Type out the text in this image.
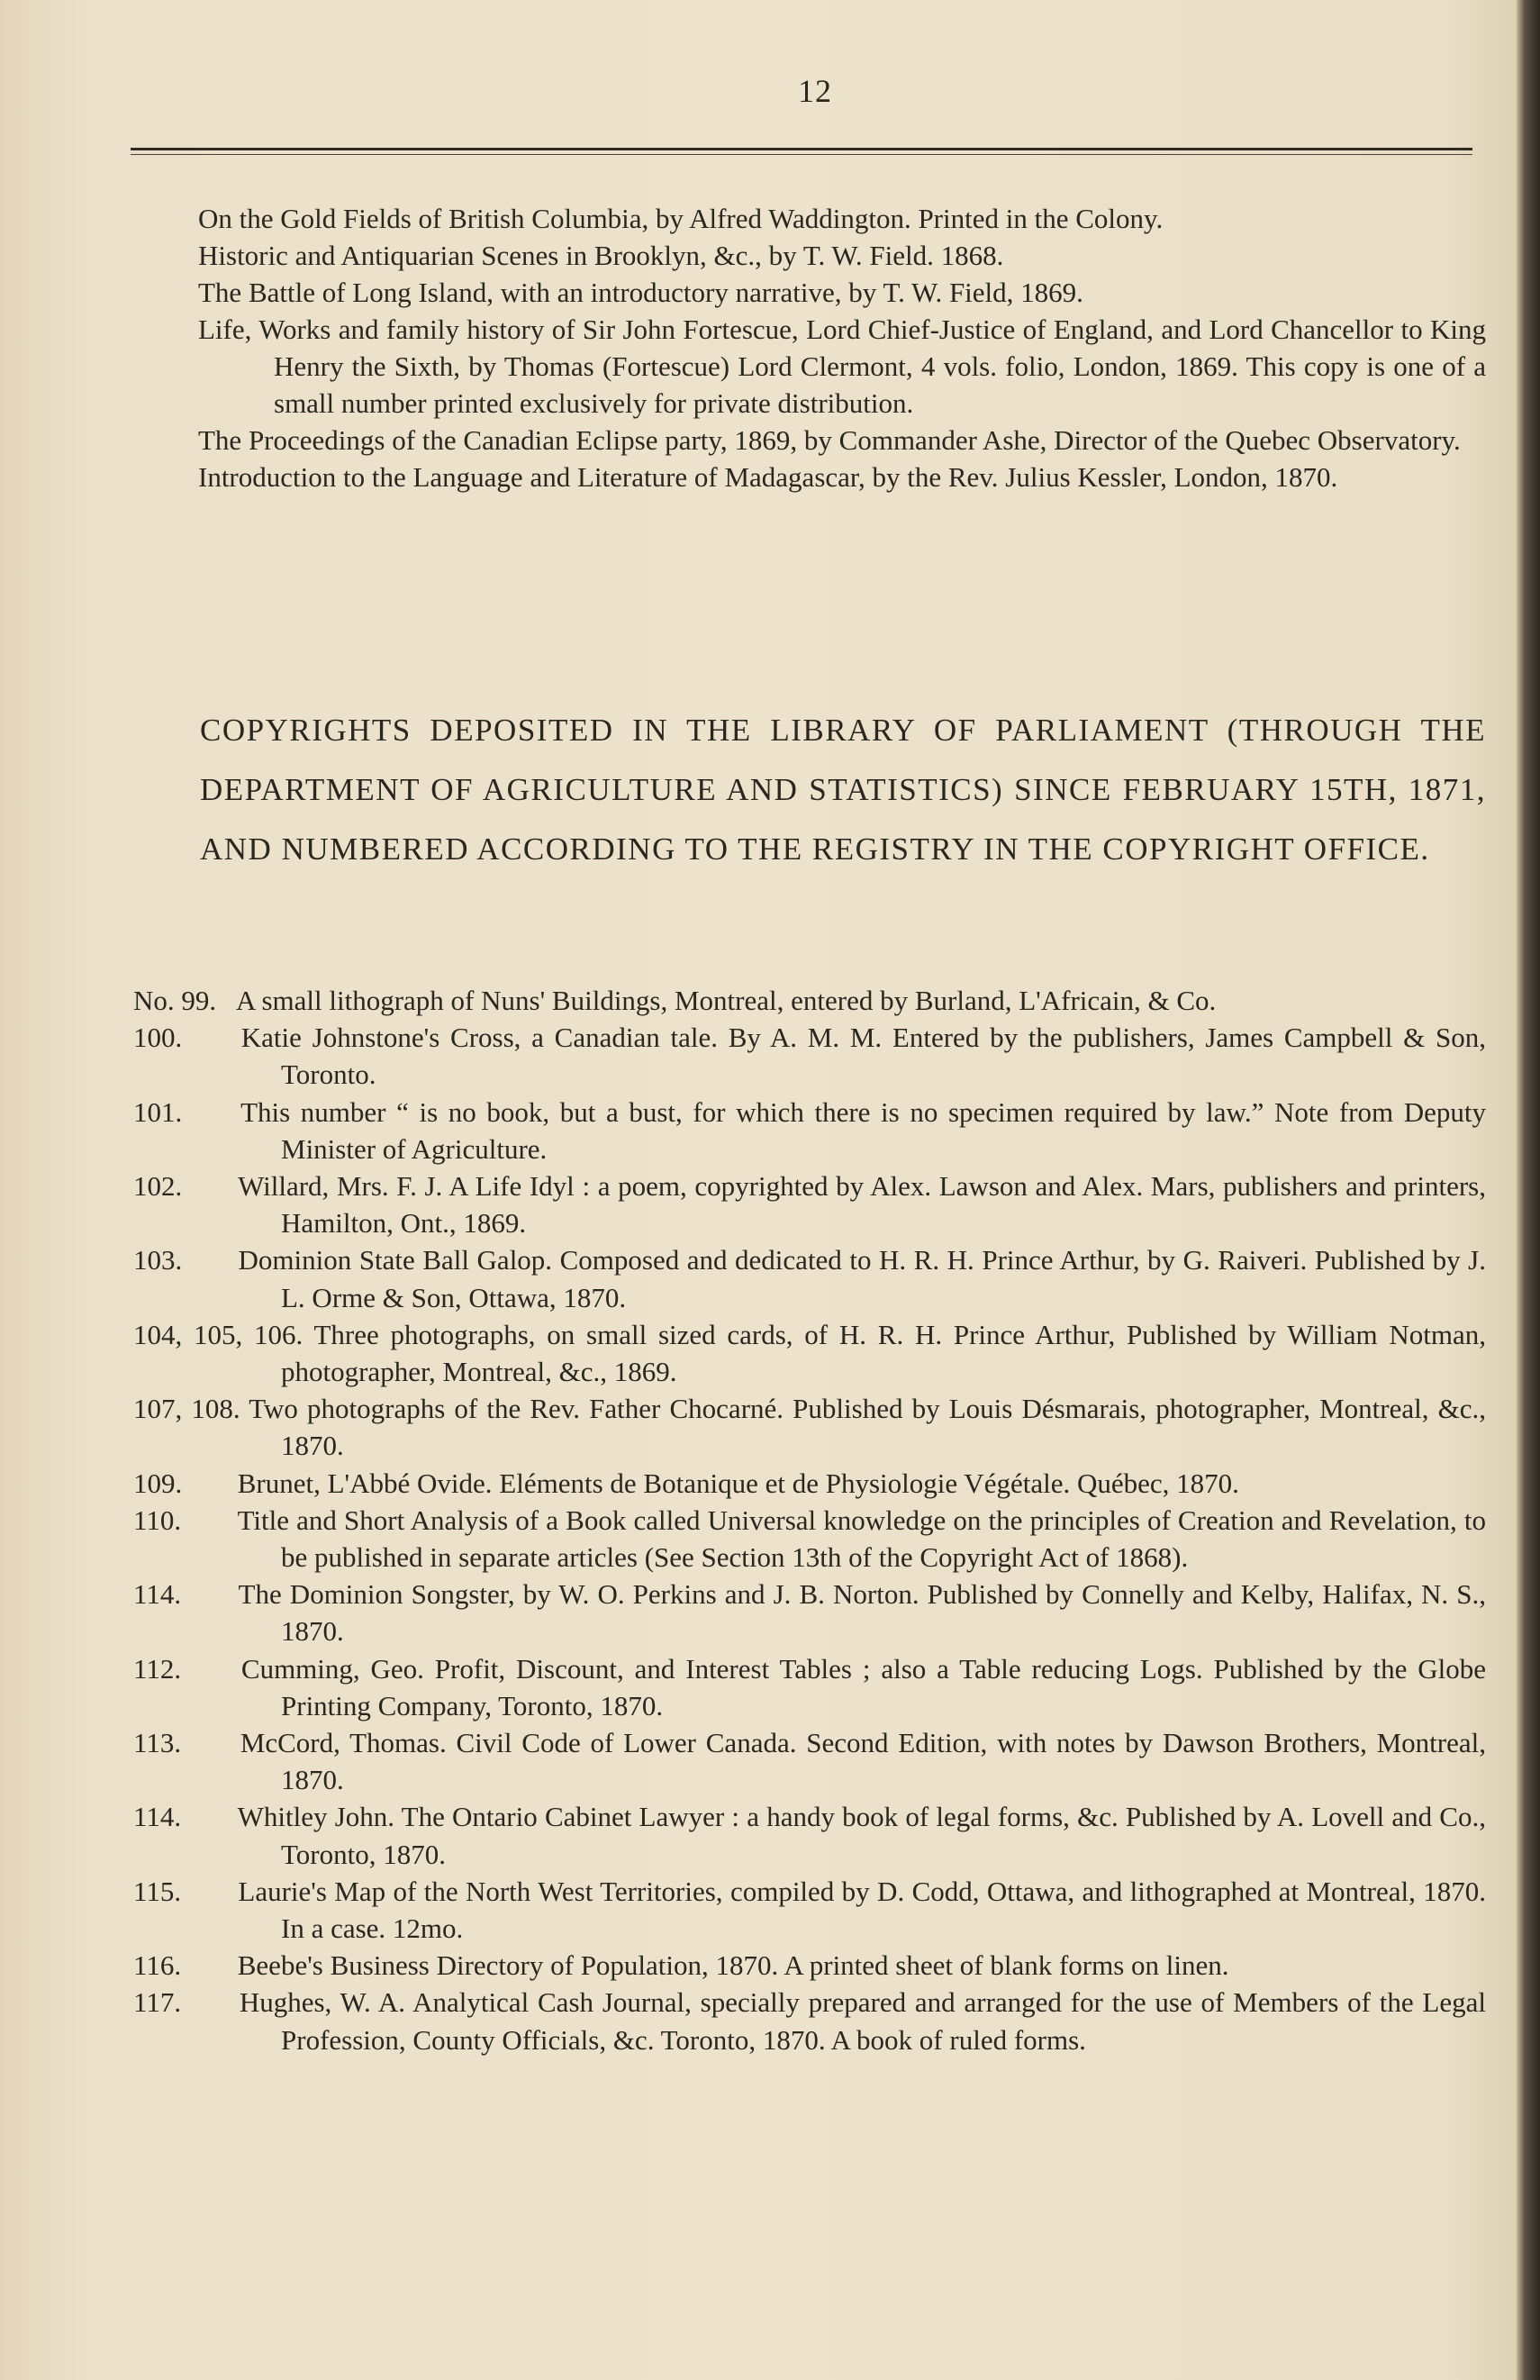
12
On the Gold Fields of British Columbia, by Alfred Waddington. Printed in the Colony.
Historic and Antiquarian Scenes in Brooklyn, &c., by T. W. Field. 1868.
The Battle of Long Island, with an introductory narrative, by T. W. Field, 1869.
Life, Works and family history of Sir John Fortescue, Lord Chief-Justice of England, and Lord Chancellor to King Henry the Sixth, by Thomas (Fortescue) Lord Clermont, 4 vols. folio, London, 1869. This copy is one of a small number printed exclusively for private distribution.
The Proceedings of the Canadian Eclipse party, 1869, by Commander Ashe, Director of the Quebec Observatory.
Introduction to the Language and Literature of Madagascar, by the Rev. Julius Kessler, London, 1870.
COPYRIGHTS DEPOSITED IN THE LIBRARY OF PARLIAMENT (THROUGH THE DEPARTMENT OF AGRICULTURE AND STATISTICS) SINCE FEBRUARY 15TH, 1871, AND NUMBERED ACCORDING TO THE REGISTRY IN THE COPYRIGHT OFFICE.
No. 99. A small lithograph of Nuns' Buildings, Montreal, entered by Burland, L'Africain, & Co.
100. Katie Johnstone's Cross, a Canadian tale. By A. M. M. Entered by the publishers, James Campbell & Son, Toronto.
101. This number “ is no book, but a bust, for which there is no specimen required by law.” Note from Deputy Minister of Agriculture.
102. Willard, Mrs. F. J. A Life Idyl : a poem, copyrighted by Alex. Lawson and Alex. Mars, publishers and printers, Hamilton, Ont., 1869.
103. Dominion State Ball Galop. Composed and dedicated to H. R. H. Prince Arthur, by G. Raiveri. Published by J. L. Orme & Son, Ottawa, 1870.
104, 105, 106. Three photographs, on small sized cards, of H. R. H. Prince Arthur, Published by William Notman, photographer, Montreal, &c., 1869.
107, 108. Two photographs of the Rev. Father Chocarné. Published by Louis Désmarais, photographer, Montreal, &c., 1870.
109. Brunet, L'Abbé Ovide. Eléments de Botanique et de Physiologie Végétale. Québec, 1870.
110. Title and Short Analysis of a Book called Universal knowledge on the principles of Creation and Revelation, to be published in separate articles (See Section 13th of the Copyright Act of 1868).
114. The Dominion Songster, by W. O. Perkins and J. B. Norton. Published by Connelly and Kelby, Halifax, N. S., 1870.
112. Cumming, Geo. Profit, Discount, and Interest Tables ; also a Table reducing Logs. Published by the Globe Printing Company, Toronto, 1870.
113. McCord, Thomas. Civil Code of Lower Canada. Second Edition, with notes by Dawson Brothers, Montreal, 1870.
114. Whitley John. The Ontario Cabinet Lawyer : a handy book of legal forms, &c. Published by A. Lovell and Co., Toronto, 1870.
115. Laurie's Map of the North West Territories, compiled by D. Codd, Ottawa, and lithographed at Montreal, 1870. In a case. 12mo.
116. Beebe's Business Directory of Population, 1870. A printed sheet of blank forms on linen.
117. Hughes, W. A. Analytical Cash Journal, specially prepared and arranged for the use of Members of the Legal Profession, County Officials, &c. Toronto, 1870. A book of ruled forms.
